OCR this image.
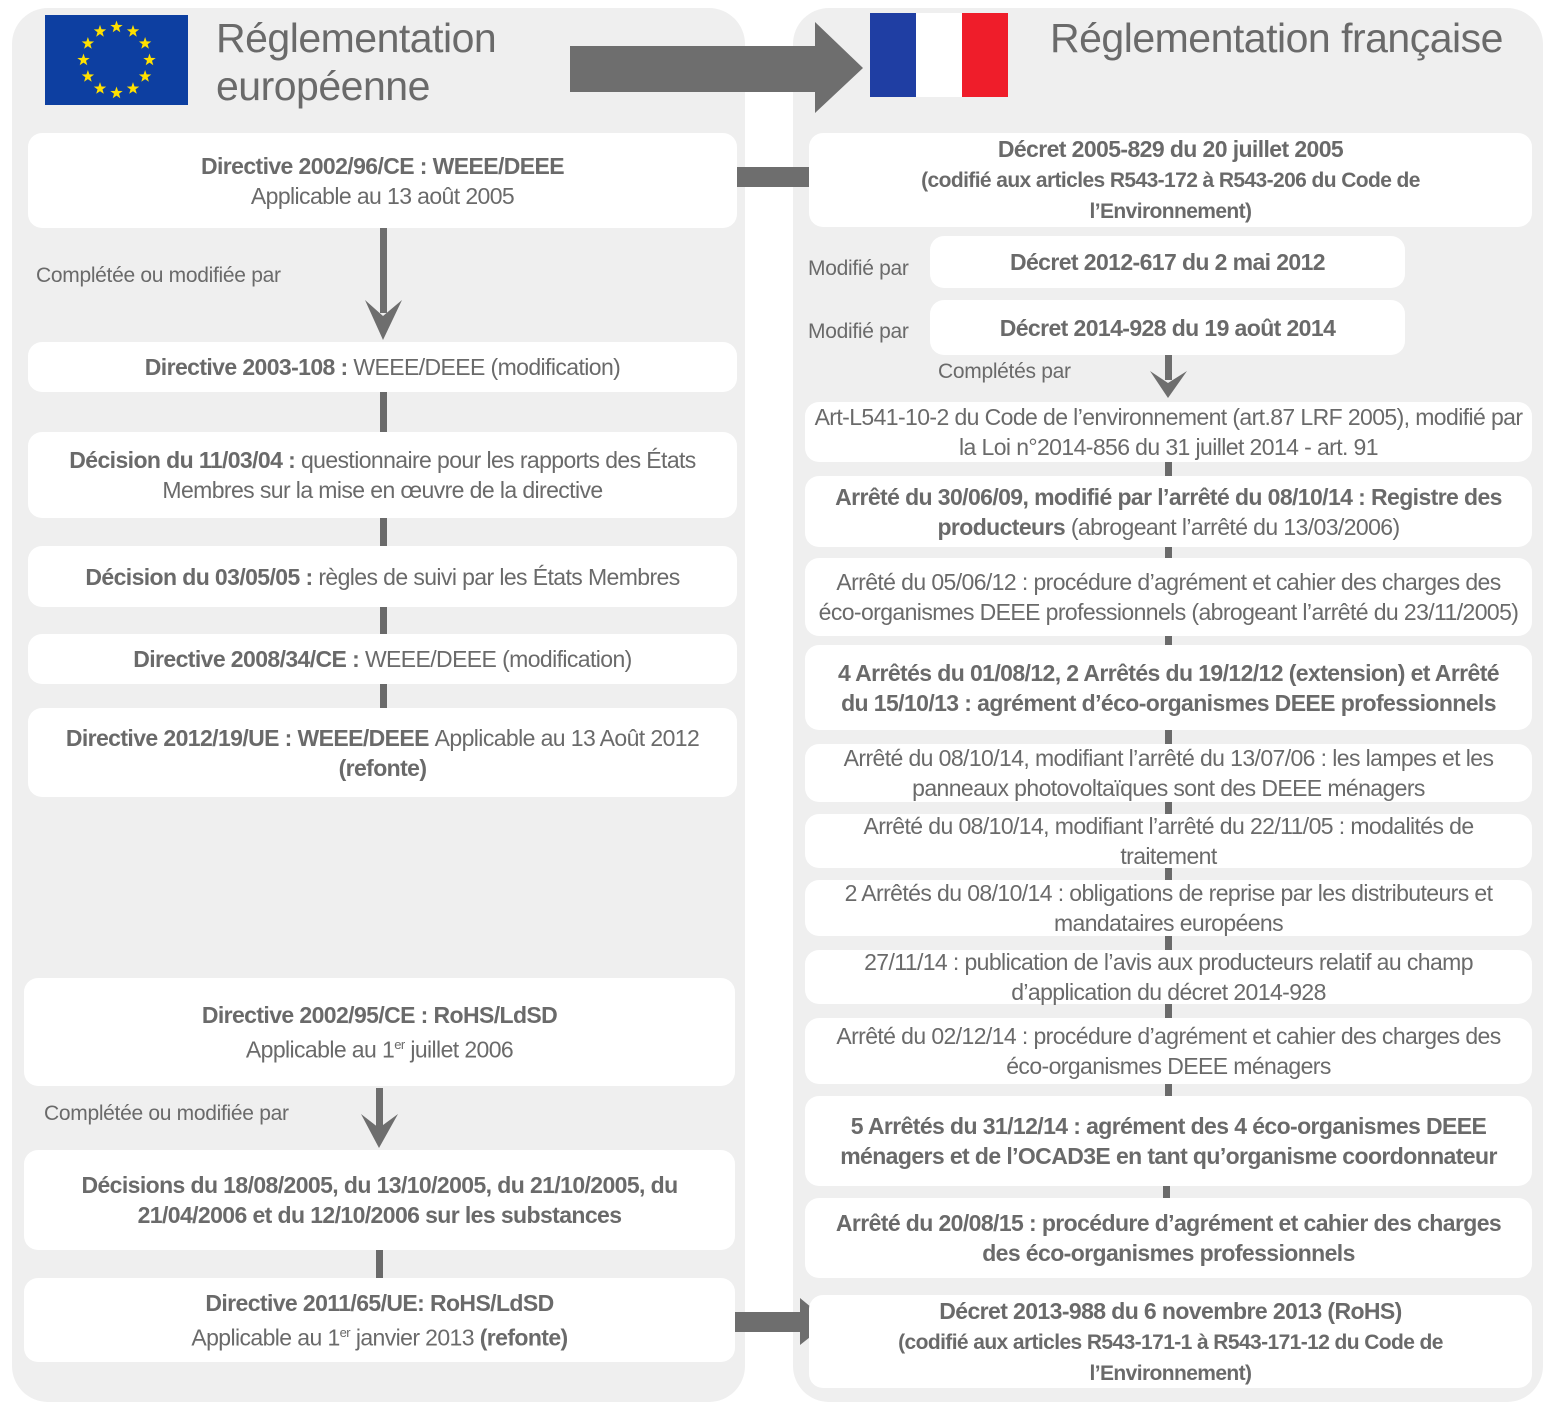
Réglementation européenne
Réglementation française
Complétée ou modifiée par
Complétée ou modifiée par
Modifié par
Modifié par
Complétés par

Directive 2002/96/CE : WEEE/DEEE

Applicable au 13 août 2005

Directive 2003-108 : WEEE/DEEE (modification)

Décision du 11/03/04 : questionnaire pour les rapports des États Membres sur la mise en œuvre de la directive

Décision du 03/05/05 : règles de suivi par les États Membres

Directive 2008/34/CE : WEEE/DEEE (modification)

Directive 2012/19/UE : WEEE/DEEE Applicable au 13 Août 2012 (refonte)

Directive 2002/95/CE : RoHS/LdSD

Applicable au 1er juillet 2006

Décisions du 18/08/2005, du 13/10/2005, du 21/10/2005, du 21/04/2006 et du 12/10/2006 sur les substances

Directive 2011/65/UE: RoHS/LdSD

Applicable au 1er janvier 2013 (refonte)

Décret 2005-829 du 20 juillet 2005

(codifié aux articles R543-172 à R543-206 du Code de l’Environnement)

Décret 2012-617 du 2 mai 2012

Décret 2014-928 du 19 août 2014

Art-L541-10-2 du Code de l’environnement (art.87 LRF 2005), modifié par la Loi n°2014-856 du 31 juillet 2014 - art. 91

Arrêté du 30/06/09, modifié par l’arrêté du 08/10/14 : Registre des producteurs (abrogeant l’arrêté du 13/03/2006)

Arrêté du 05/06/12 : procédure d’agrément et cahier des charges des éco-organismes DEEE professionnels (abrogeant l’arrêté du 23/11/2005)

4 Arrêtés du 01/08/12, 2 Arrêtés du 19/12/12 (extension) et Arrêté du 15/10/13 : agrément d’éco-organismes DEEE professionnels

Arrêté du 08/10/14, modifiant l’arrêté du 13/07/06 : les lampes et les panneaux photovoltaïques sont des DEEE ménagers

Arrêté du 08/10/14, modifiant l’arrêté du 22/11/05 : modalités de traitement

2 Arrêtés du 08/10/14 : obligations de reprise par les distributeurs et mandataires européens

27/11/14 : publication de l’avis aux producteurs relatif au champ d’application du décret 2014-928

Arrêté du 02/12/14 : procédure d’agrément et cahier des charges des éco-organismes DEEE ménagers

5 Arrêtés du 31/12/14 : agrément des 4 éco-organismes DEEE ménagers et de l’OCAD3E en tant qu’organisme coordonnateur

Arrêté du 20/08/15 : procédure d’agrément et cahier des charges des éco-organismes professionnels

Décret 2013-988 du 6 novembre 2013 (RoHS)

(codifié aux articles R543-171-1 à R543-171-12 du Code de l’Environnement)
